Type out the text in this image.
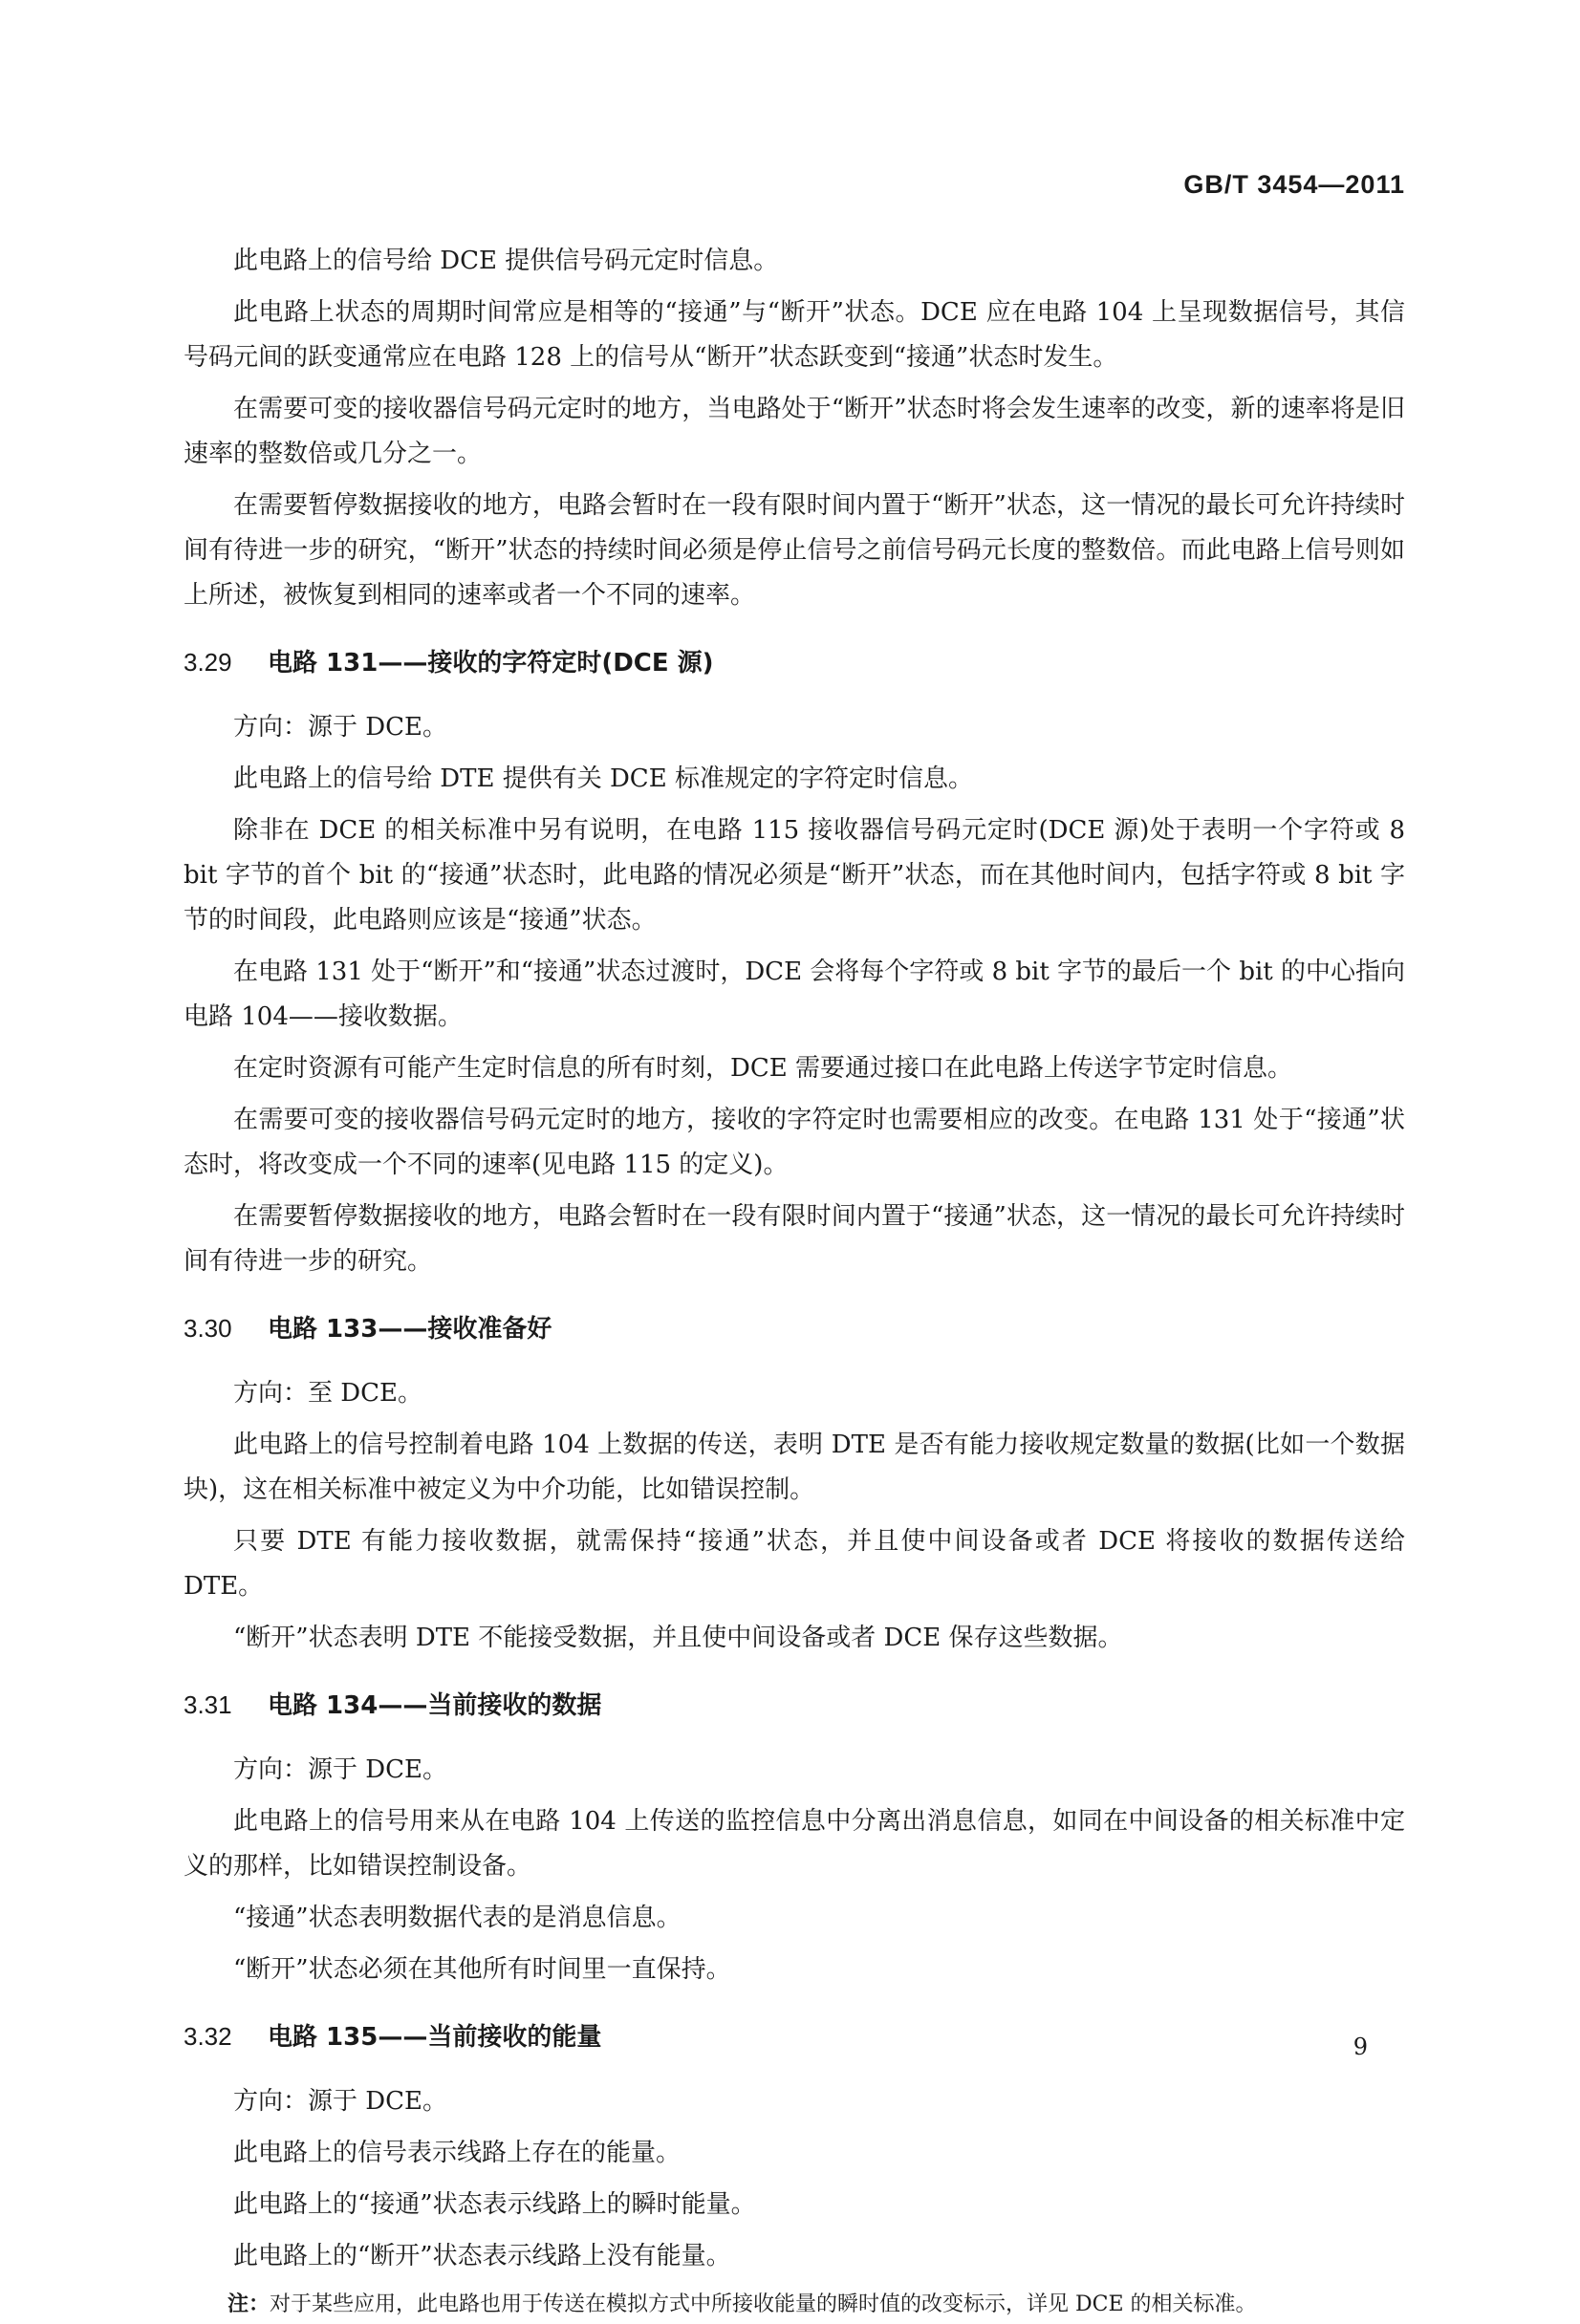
GB/T 3454—2011

此电路上的信号给 DCE 提供信号码元定时信息。

此电路上状态的周期时间常应是相等的“接通”与“断开”状态。DCE 应在电路 104 上呈现数据信号，其信号码元间的跃变通常应在电路 128 上的信号从“断开”状态跃变到“接通”状态时发生。

在需要可变的接收器信号码元定时的地方，当电路处于“断开”状态时将会发生速率的改变，新的速率将是旧速率的整数倍或几分之一。

在需要暂停数据接收的地方，电路会暂时在一段有限时间内置于“断开”状态，这一情况的最长可允许持续时间有待进一步的研究，“断开”状态的持续时间必须是停止信号之前信号码元长度的整数倍。而此电路上信号则如上所述，被恢复到相同的速率或者一个不同的速率。

3.29 电路 131——接收的字符定时(DCE 源)

方向：源于 DCE。

此电路上的信号给 DTE 提供有关 DCE 标准规定的字符定时信息。

除非在 DCE 的相关标准中另有说明，在电路 115 接收器信号码元定时(DCE 源)处于表明一个字符或 8 bit 字节的首个 bit 的“接通”状态时，此电路的情况必须是“断开”状态，而在其他时间内，包括字符或 8 bit 字节的时间段，此电路则应该是“接通”状态。

在电路 131 处于“断开”和“接通”状态过渡时，DCE 会将每个字符或 8 bit 字节的最后一个 bit 的中心指向电路 104——接收数据。

在定时资源有可能产生定时信息的所有时刻，DCE 需要通过接口在此电路上传送字节定时信息。

在需要可变的接收器信号码元定时的地方，接收的字符定时也需要相应的改变。在电路 131 处于“接通”状态时，将改变成一个不同的速率(见电路 115 的定义)。

在需要暂停数据接收的地方，电路会暂时在一段有限时间内置于“接通”状态，这一情况的最长可允许持续时间有待进一步的研究。

3.30 电路 133——接收准备好

方向：至 DCE。

此电路上的信号控制着电路 104 上数据的传送，表明 DTE 是否有能力接收规定数量的数据(比如一个数据块)，这在相关标准中被定义为中介功能，比如错误控制。

只要 DTE 有能力接收数据，就需保持“接通”状态，并且使中间设备或者 DCE 将接收的数据传送给 DTE。

“断开”状态表明 DTE 不能接受数据，并且使中间设备或者 DCE 保存这些数据。

3.31 电路 134——当前接收的数据

方向：源于 DCE。

此电路上的信号用来从在电路 104 上传送的监控信息中分离出消息信息，如同在中间设备的相关标准中定义的那样，比如错误控制设备。

“接通”状态表明数据代表的是消息信息。

“断开”状态必须在其他所有时间里一直保持。

3.32 电路 135——当前接收的能量

方向：源于 DCE。

此电路上的信号表示线路上存在的能量。

此电路上的“接通”状态表示线路上的瞬时能量。

此电路上的“断开”状态表示线路上没有能量。

注：对于某些应用，此电路也用于传送在模拟方式中所接收能量的瞬时值的改变标示，详见 DCE 的相关标准。

9
